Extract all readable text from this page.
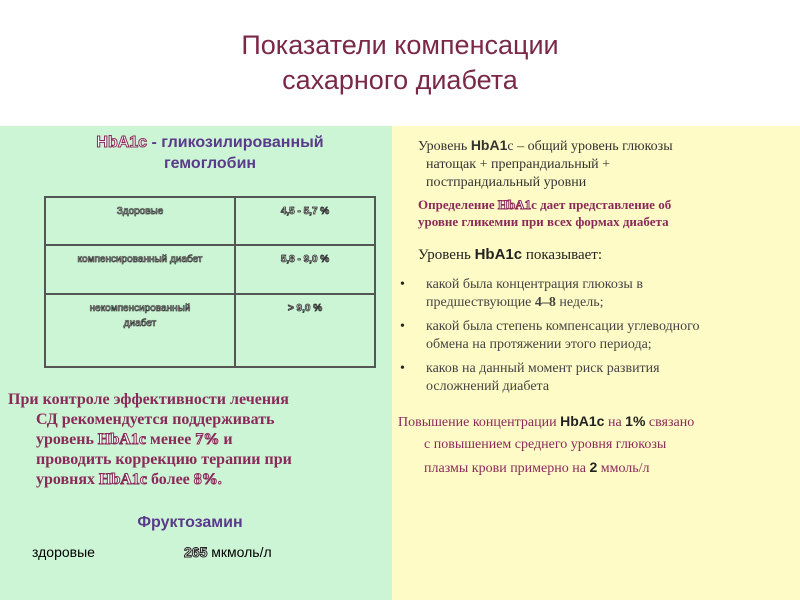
Показатели компенсации
сахарного диабета
HbA1c - гликозилированный
гемоглобин
Здоровые	4,5 - 5,7 %
компенсированный диабет	5,8 - 9,0 %
некомпенсированный
диабет	> 9,0 %
При контроле эффективности лечения
СД рекомендуется поддерживать
уровень HbA1c менее 7% и
проводить коррекцию терапии при
уровнях HbA1c более 8%.
Фруктозамин
здоровые	265 мкмоль/л
Уровень HbA1с – общий уровень глюкозы
натощак + препрандиальный +
постпрандиальный уровни
Определение HbA1с дает представление об
уровне гликемии при всех формах диабета
Уровень HbA1c показывает:
• какой была концентрация глюкозы в
предшествующие 4–8 недель;
• какой была степень компенсации углеводного
обмена на протяжении этого периода;
• каков на данный момент риск развития
осложнений диабета
Повышение концентрации HbA1c на 1% связано
с повышением среднего уровня глюкозы
плазмы крови примерно на 2 ммоль/л
